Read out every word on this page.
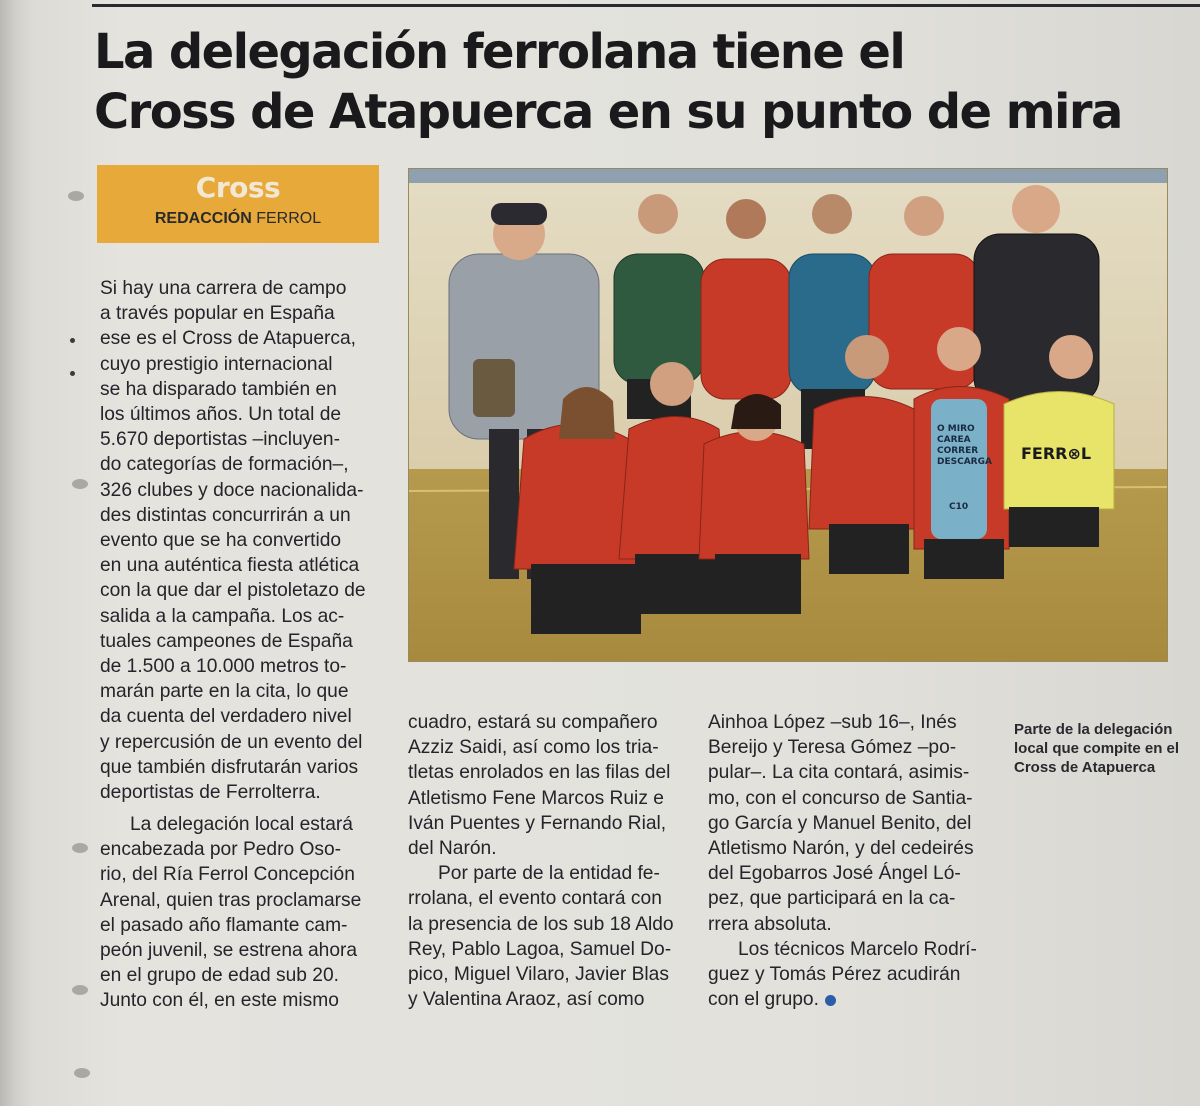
La delegación ferrolana tiene el
Cross de Atapuerca en su punto de mira
Cross
REDACCIÓN FERROL
FERR⊗L
O MIRO
CAREA
CORRER
DESCARGA
C10

Si hay una carrera de campo
a través popular en España
ese es el Cross de Atapuerca,
cuyo prestigio internacional
se ha disparado también en
los últimos años. Un total de
5.670 deportistas –incluyen-
do categorías de formación–,
326 clubes y doce nacionalida-
des distintas concurrirán a un
evento que se ha convertido
en una auténtica fiesta atlética
con la que dar el pistoletazo de
salida a la campaña. Los ac-
tuales campeones de España
de 1.500 a 10.000 metros to-
marán parte en la cita, lo que
da cuenta del verdadero nivel
y repercusión de un evento del
que también disfrutarán varios
deportistas de Ferrolterra.

La delegación local estará
encabezada por Pedro Oso-
rio, del Ría Ferrol Concepción
Arenal, quien tras proclamarse
el pasado año flamante cam-
peón juvenil, se estrena ahora
en el grupo de edad sub 20.
Junto con él, en este mismo

cuadro, estará su compañero
Azziz Saidi, así como los tria-
tletas enrolados en las filas del
Atletismo Fene Marcos Ruiz e
Iván Puentes y Fernando Rial,
del Narón.

Por parte de la entidad fe-
rrolana, el evento contará con
la presencia de los sub 18 Aldo
Rey, Pablo Lagoa, Samuel Do-
pico, Miguel Vilaro, Javier Blas
y Valentina Araoz, así como

Ainhoa López –sub 16–, Inés
Bereijo y Teresa Gómez –po-
pular–. La cita contará, asimis-
mo, con el concurso de Santia-
go García y Manuel Benito, del
Atletismo Narón, y del cedeirés
del Egobarros José Ángel Ló-
pez, que participará en la ca-
rrera absoluta.

Los técnicos Marcelo Rodrí-
guez y Tomás Pérez acudirán
con el grupo.

Parte de la delegación local que compite en el Cross de Atapuerca
